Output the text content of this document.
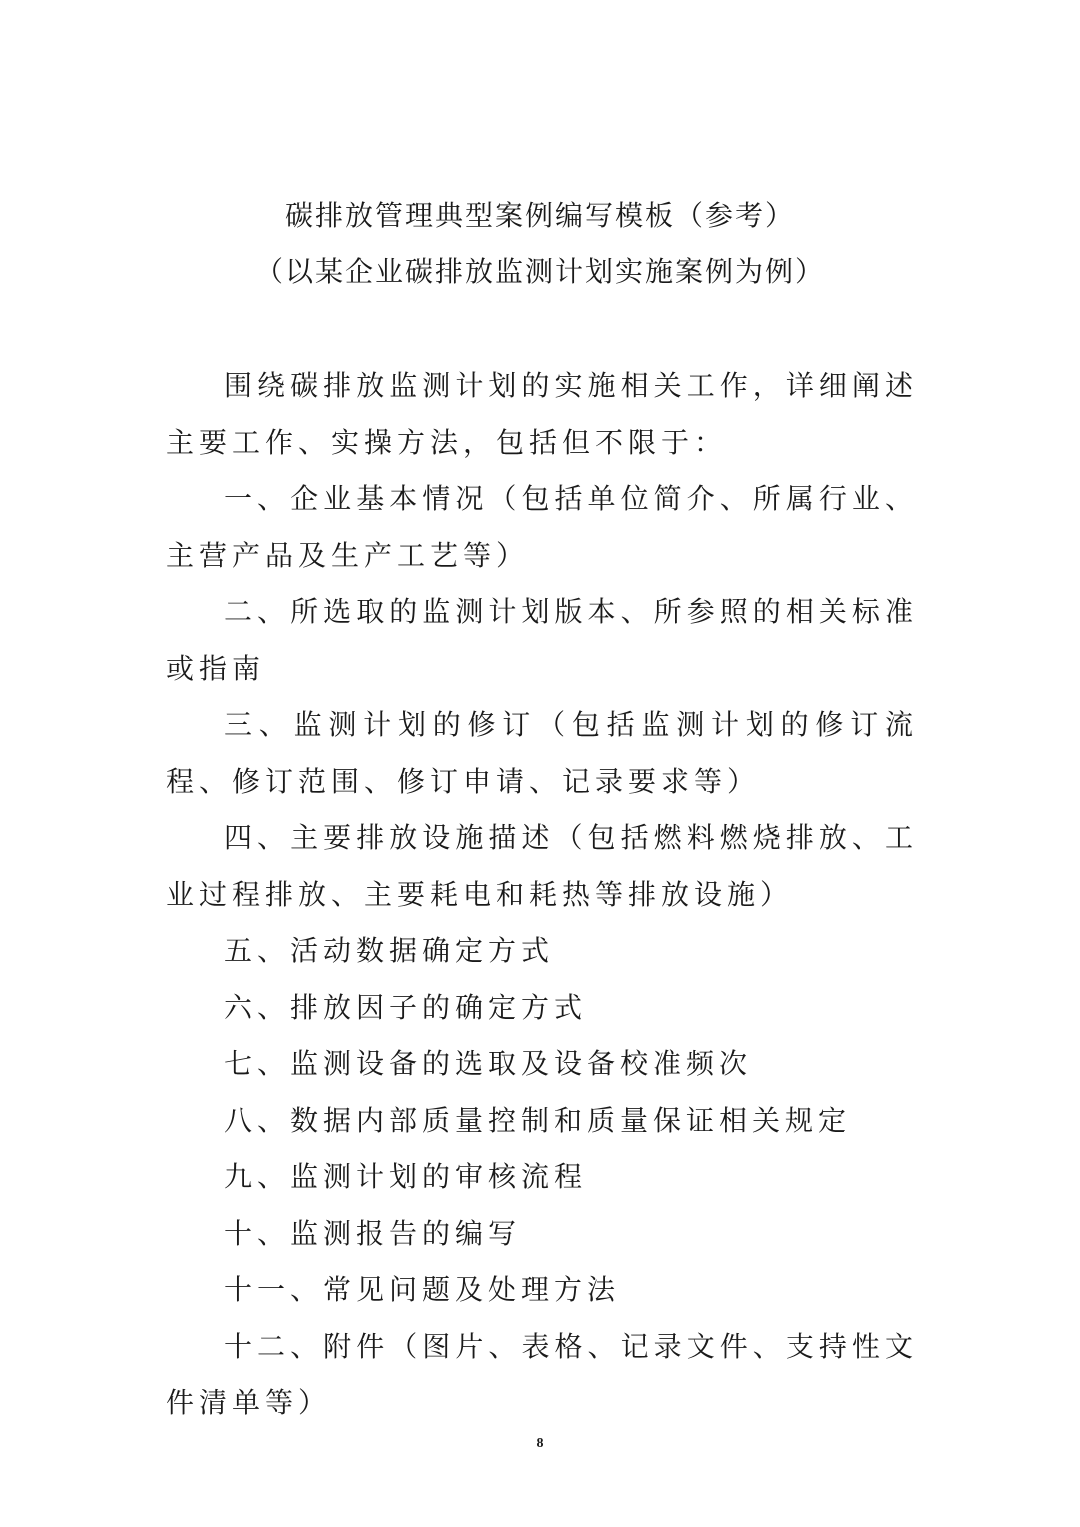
碳排放管理典型案例编写模板（参考）
（以某企业碳排放监测计划实施案例为例）

围绕碳排放监测计划的实施相关工作，详细阐述主要工作、实操方法，包括但不限于：

一、企业基本情况（包括单位简介、所属行业、主营产品及生产工艺等）

二、所选取的监测计划版本、所参照的相关标准或指南

三、监测计划的修订（包括监测计划的修订流程、修订范围、修订申请、记录要求等）

四、主要排放设施描述（包括燃料燃烧排放、工业过程排放、主要耗电和耗热等排放设施）

五、活动数据确定方式

六、排放因子的确定方式

七、监测设备的选取及设备校准频次

八、数据内部质量控制和质量保证相关规定

九、监测计划的审核流程

十、监测报告的编写

十一、常见问题及处理方法

十二、附件（图片、表格、记录文件、支持性文件清单等）

8
